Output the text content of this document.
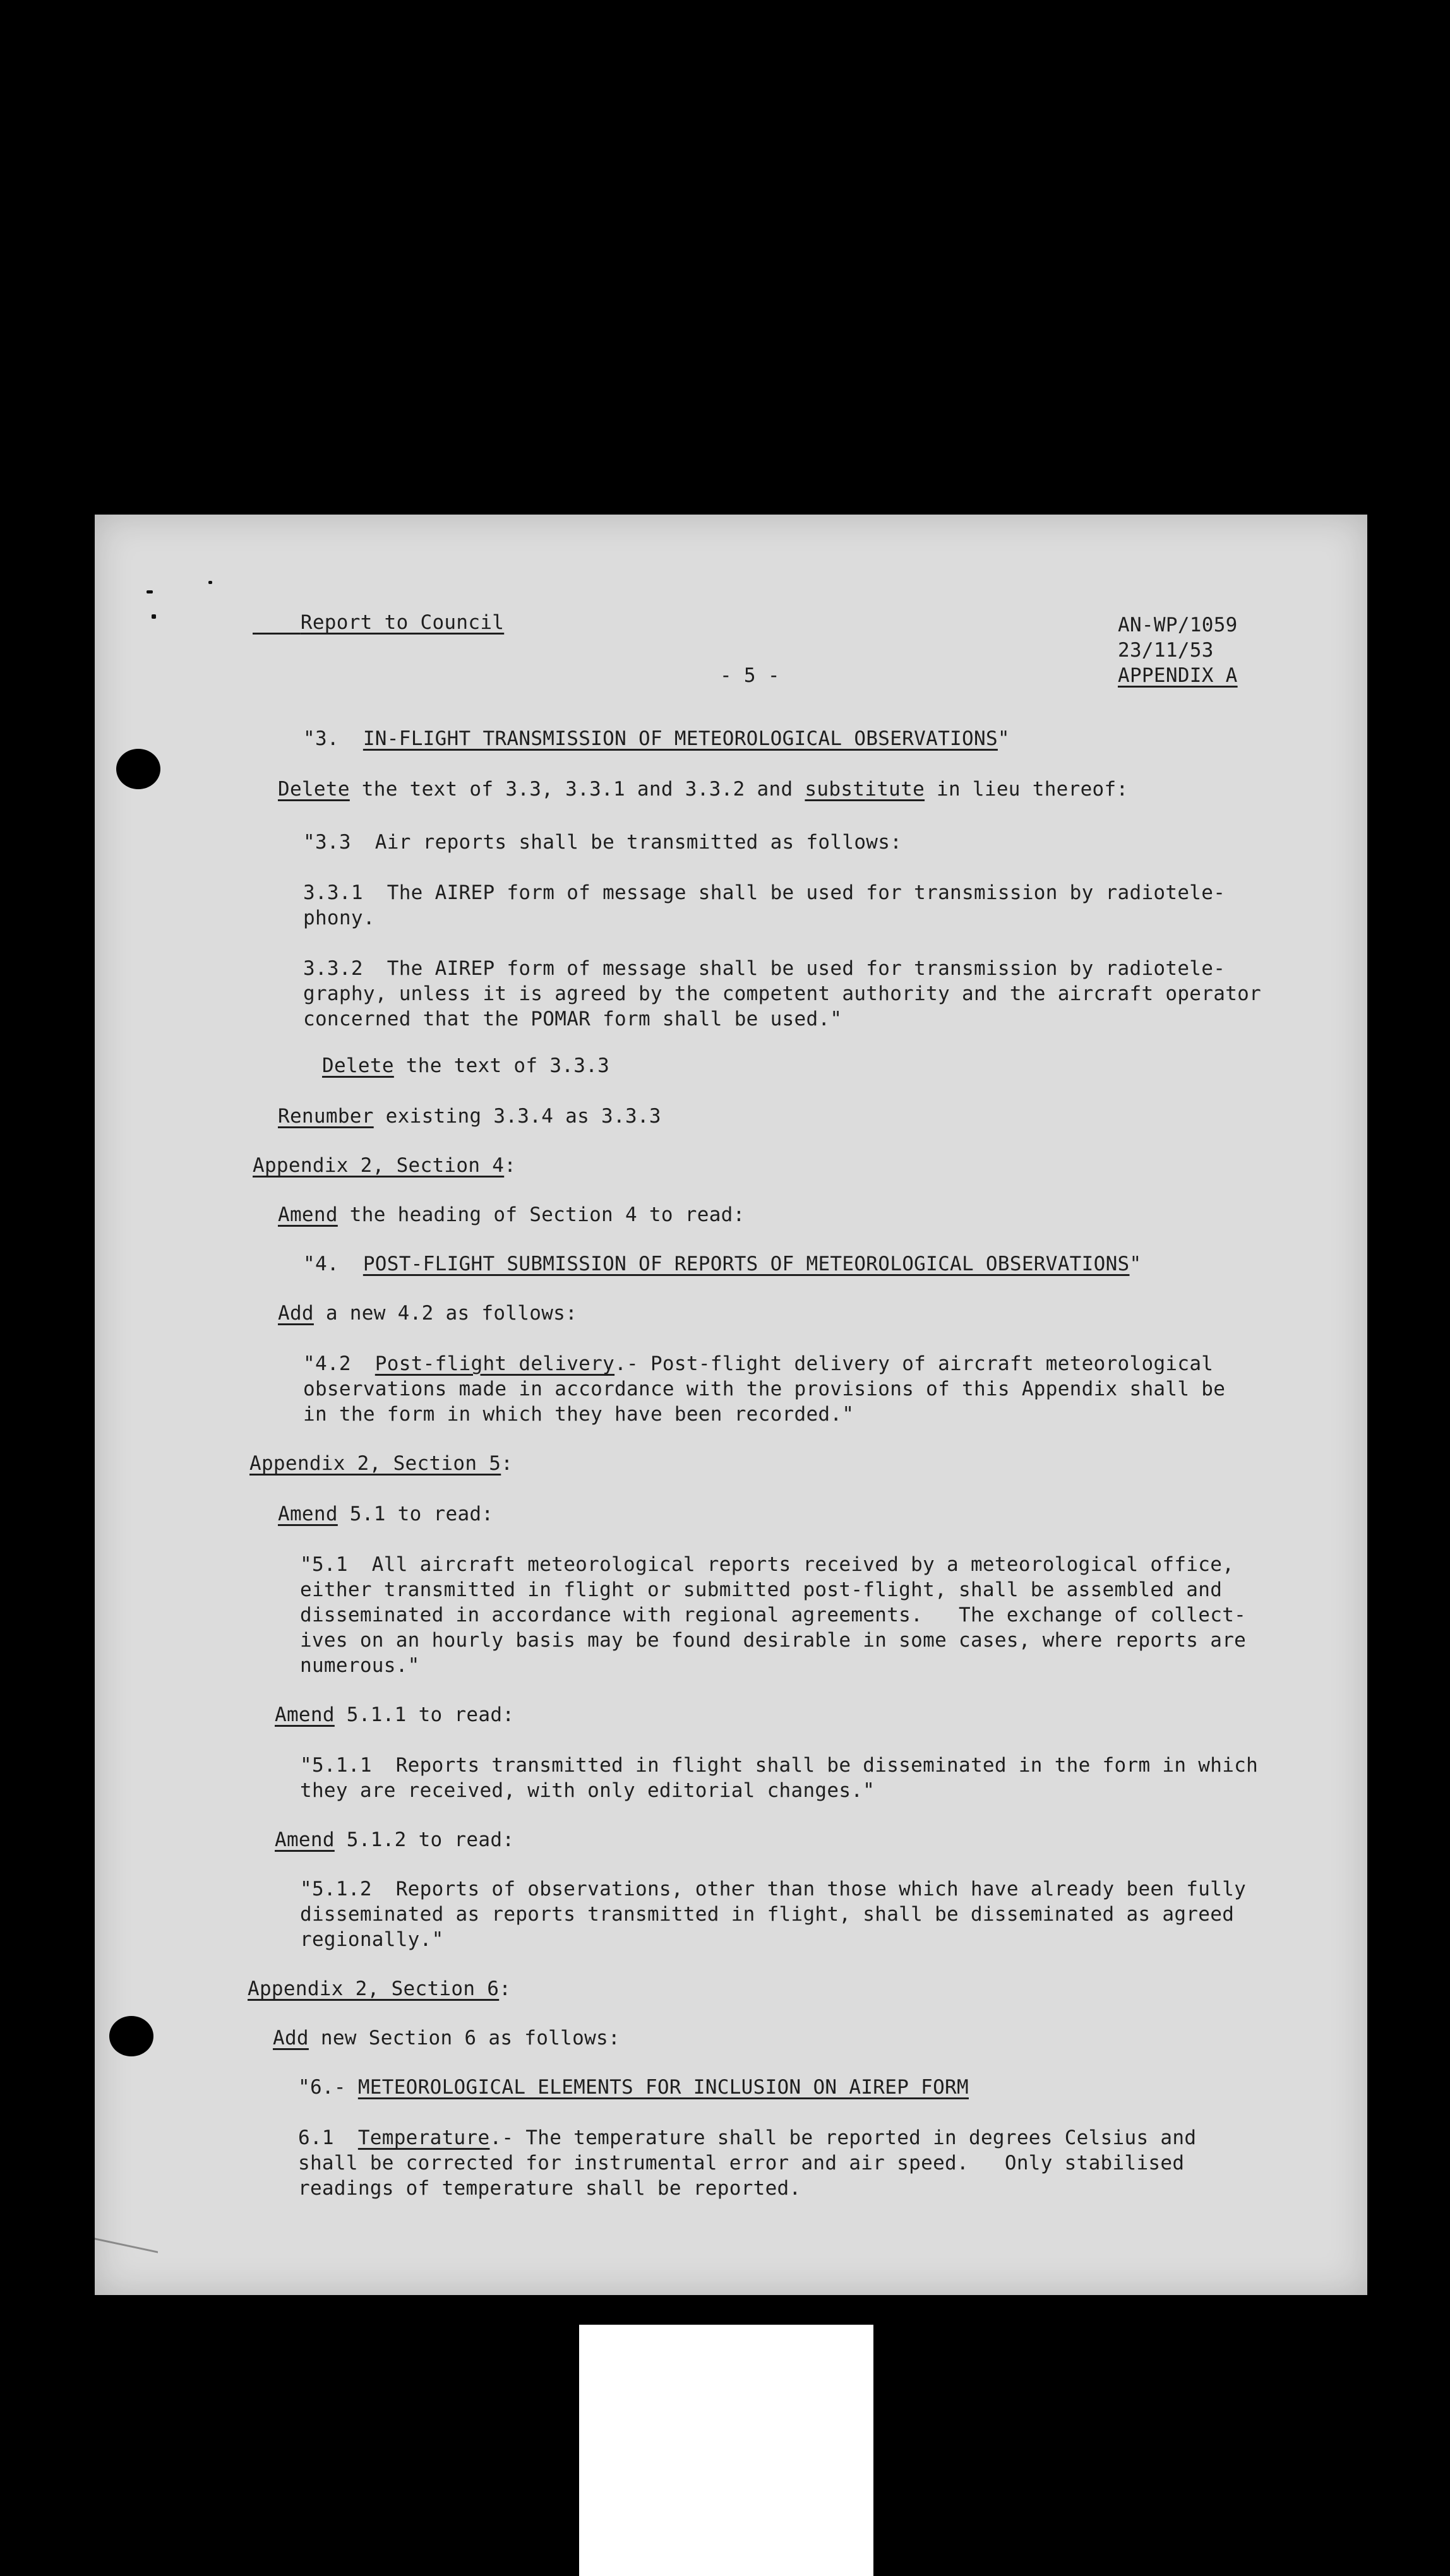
Report to Council	AN-WP/1059
23/11/53
- 5 -	APPENDIX A
"3. IN-FLIGHT TRANSMISSION OF METEOROLOGICAL OBSERVATIONS"
Delete the text of 3.3, 3.3.1 and 3.3.2 and substitute in lieu thereof:
"3.3  Air reports shall be transmitted as follows:
3.3.1  The AIREP form of message shall be used for transmission by radiotele-
phony.
3.3.2  The AIREP form of message shall be used for transmission by radiotele-
graphy, unless it is agreed by the competent authority and the aircraft operator
concerned that the POMAR form shall be used."
Delete the text of 3.3.3
Renumber existing 3.3.4 as 3.3.3
Appendix 2, Section 4:
Amend the heading of Section 4 to read:
"4.  POST-FLIGHT SUBMISSION OF REPORTS OF METEOROLOGICAL OBSERVATIONS"
Add a new 4.2 as follows:
"4.2  Post-flight delivery.- Post-flight delivery of aircraft meteorological
observations made in accordance with the provisions of this Appendix shall be
in the form in which they have been recorded."
Appendix 2, Section 5:
Amend 5.1 to read:
"5.1  All aircraft meteorological reports received by a meteorological office,
either transmitted in flight or submitted post-flight, shall be assembled and
disseminated in accordance with regional agreements.   The exchange of collect-
ives on an hourly basis may be found desirable in some cases, where reports are
numerous."
Amend 5.1.1 to read:
"5.1.1  Reports transmitted in flight shall be disseminated in the form in which
they are received, with only editorial changes."
Amend 5.1.2 to read:
"5.1.2  Reports of observations, other than those which have already been fully
disseminated as reports transmitted in flight, shall be disseminated as agreed
regionally."
Appendix 2, Section 6:
Add new Section 6 as follows:
"6.- METEOROLOGICAL ELEMENTS FOR INCLUSION ON AIREP FORM
6.1  Temperature.- The temperature shall be reported in degrees Celsius and
shall be corrected for instrumental error and air speed.   Only stabilised
readings of temperature shall be reported.
